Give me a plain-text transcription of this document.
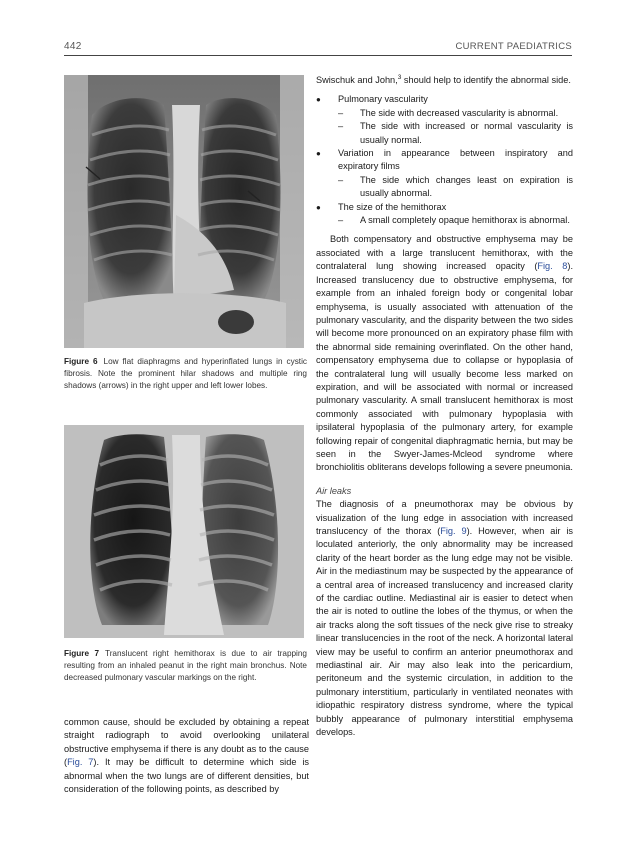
442	CURRENT PAEDIATRICS
Figure 6 Low flat diaphragms and hyperinflated lungs in cystic fibrosis. Note the prominent hilar shadows and multiple ring shadows (arrows) in the right upper and left lower lobes.
Figure 7 Translucent right hemithorax is due to air trapping resulting from an inhaled peanut in the right main bronchus. Note decreased pulmonary vascular markings on the right.
common cause, should be excluded by obtaining a repeat straight radiograph to avoid overlooking unilateral obstructive emphysema if there is any doubt as to the cause (Fig. 7). It may be difficult to determine which side is abnormal when the two lungs are of different densities, but consideration of the following points, as described by

Swischuk and John,$^3$ should help to identify the abnormal side.

● Pulmonary vascularity
– The side with decreased vascularity is abnormal.
– The side with increased or normal vascularity is usually normal.
● Variation in appearance between inspiratory and expiratory films
– The side which changes least on expiration is usually abnormal.
● The size of the hemithorax
– A small completely opaque hemithorax is abnormal.

Both compensatory and obstructive emphysema may be associated with a large translucent hemithorax, with the contralateral lung showing increased opacity (Fig. 8). Increased translucency due to obstructive emphysema, for example from an inhaled foreign body or congenital lobar emphysema, is usually associated with attenuation of the pulmonary vascularity, and the disparity between the two sides will become more pronounced on an expiratory phase film with the abnormal side remaining overinflated. On the other hand, compensatory emphysema due to collapse or hypoplasia of the contralateral lung will usually become less marked on expiration, and will be associated with normal or increased pulmonary vascularity. A small translucent hemithorax is most commonly associated with pulmonary hypoplasia with ipsilateral hypoplasia of the pulmonary artery, for example following repair of congenital diaphragmatic hernia, but may be seen in the Swyer-James-Mcleod syndrome where bronchiolitis obliterans develops following a severe pneumonia.

Air leaks

The diagnosis of a pneumothorax may be obvious by visualization of the lung edge in association with increased translucency of the thorax (Fig. 9). However, when air is loculated anteriorly, the only abnormality may be increased clarity of the heart border as the lung edge may not be visible. Air in the mediastinum may be suspected by the appearance of a central area of increased translucency and increased clarity of the cardiac outline. Mediastinal air is easier to detect when the air is noted to outline the lobes of the thymus, or when the air tracks along the soft tissues of the neck give rise to streaky linear translucencies in the root of the neck. A horizontal lateral view may be useful to confirm an anterior pneumothorax and mediastinal air. Air may also leak into the pericardium, peritoneum and the systemic circulation, in addition to the pulmonary interstitium, particularly in ventilated neonates with idiopathic respiratory distress syndrome, where the typical bubbly appearance of pulmonary interstitial emphysema develops.
